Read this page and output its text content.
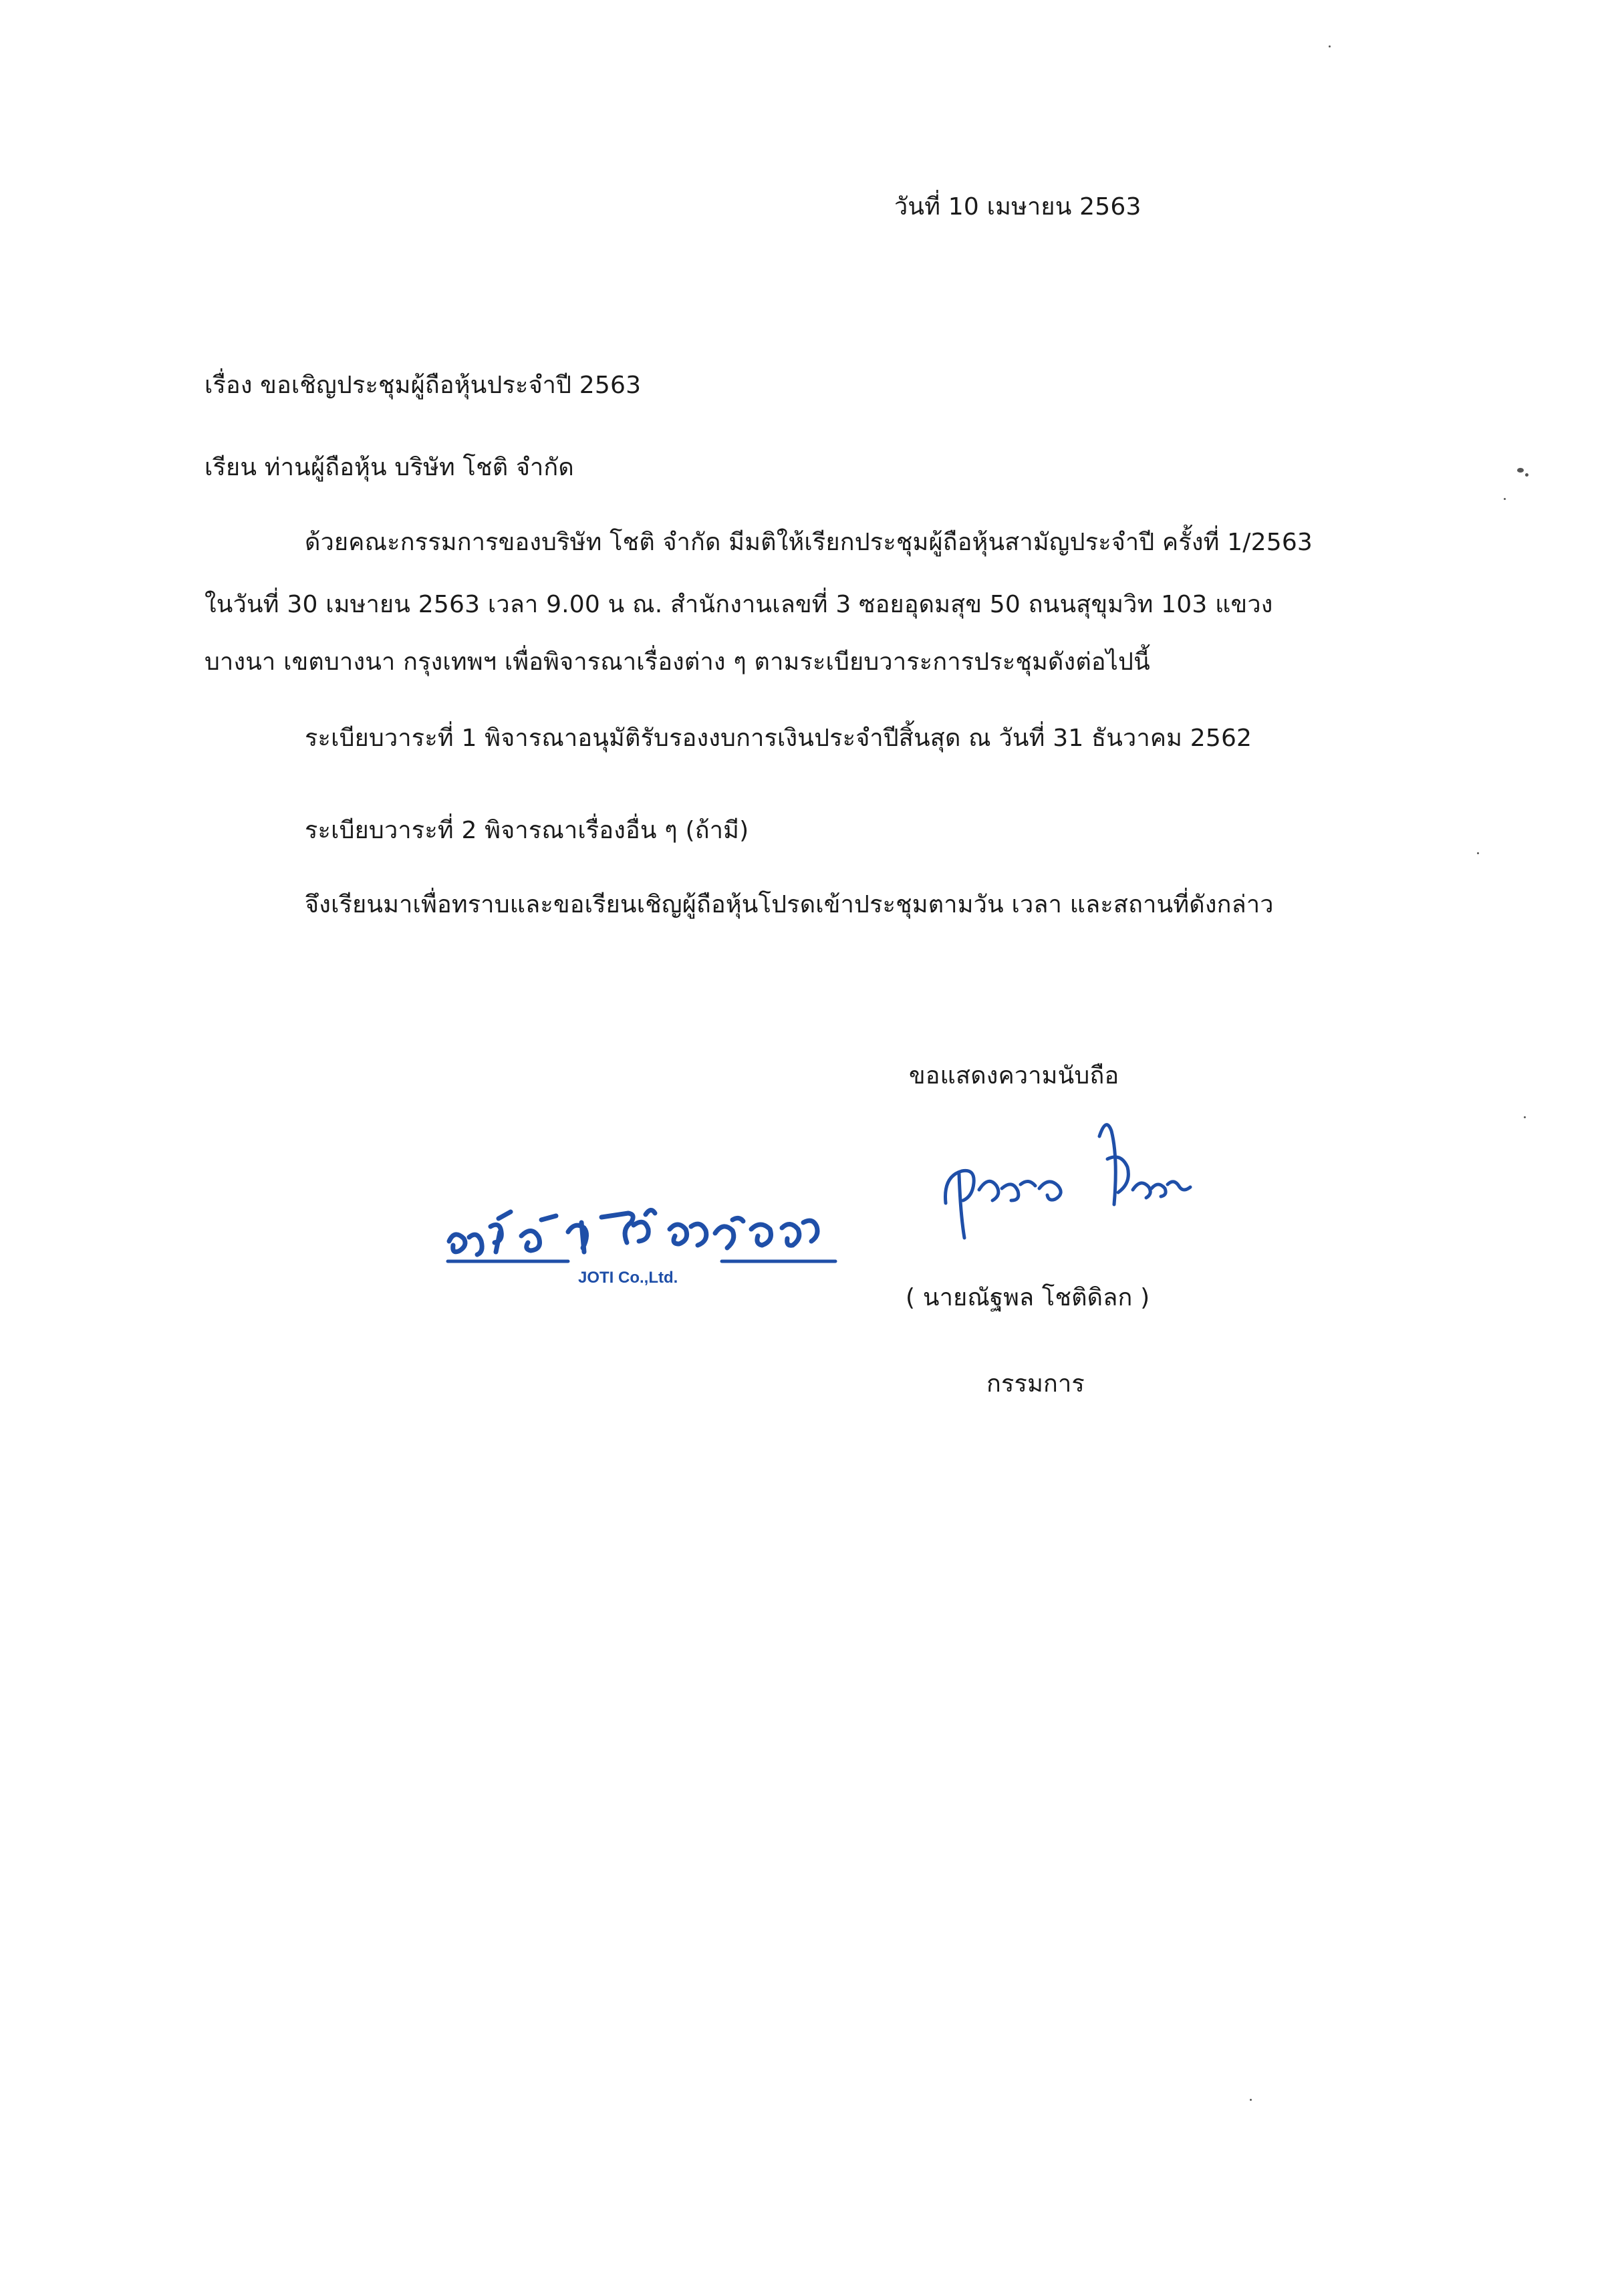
วันที่ 10 เมษายน 2563
เรื่อง ขอเชิญประชุมผู้ถือหุ้นประจำปี 2563
เรียน ท่านผู้ถือหุ้น บริษัท โชติ จำกัด
ด้วยคณะกรรมการของบริษัท โชติ จำกัด มีมติให้เรียกประชุมผู้ถือหุ้นสามัญประจำปี ครั้งที่ 1/2563
ในวันที่ 30 เมษายน 2563 เวลา 9.00 น ณ. สำนักงานเลขที่ 3 ซอยอุดมสุข 50 ถนนสุขุมวิท 103 แขวง
บางนา เขตบางนา กรุงเทพฯ เพื่อพิจารณาเรื่องต่าง ๆ ตามระเบียบวาระการประชุมดังต่อไปนี้
ระเบียบวาระที่ 1 พิจารณาอนุมัติรับรองงบการเงินประจำปีสิ้นสุด ณ วันที่ 31 ธันวาคม 2562
ระเบียบวาระที่ 2 พิจารณาเรื่องอื่น ๆ (ถ้ามี)
จึงเรียนมาเพื่อทราบและขอเรียนเชิญผู้ถือหุ้นโปรดเข้าประชุมตามวัน เวลา และสถานที่ดังกล่าว
ขอแสดงความนับถือ
JOTI Co.,Ltd.
( นายณัฐพล โชติดิลก )
กรรมการ
